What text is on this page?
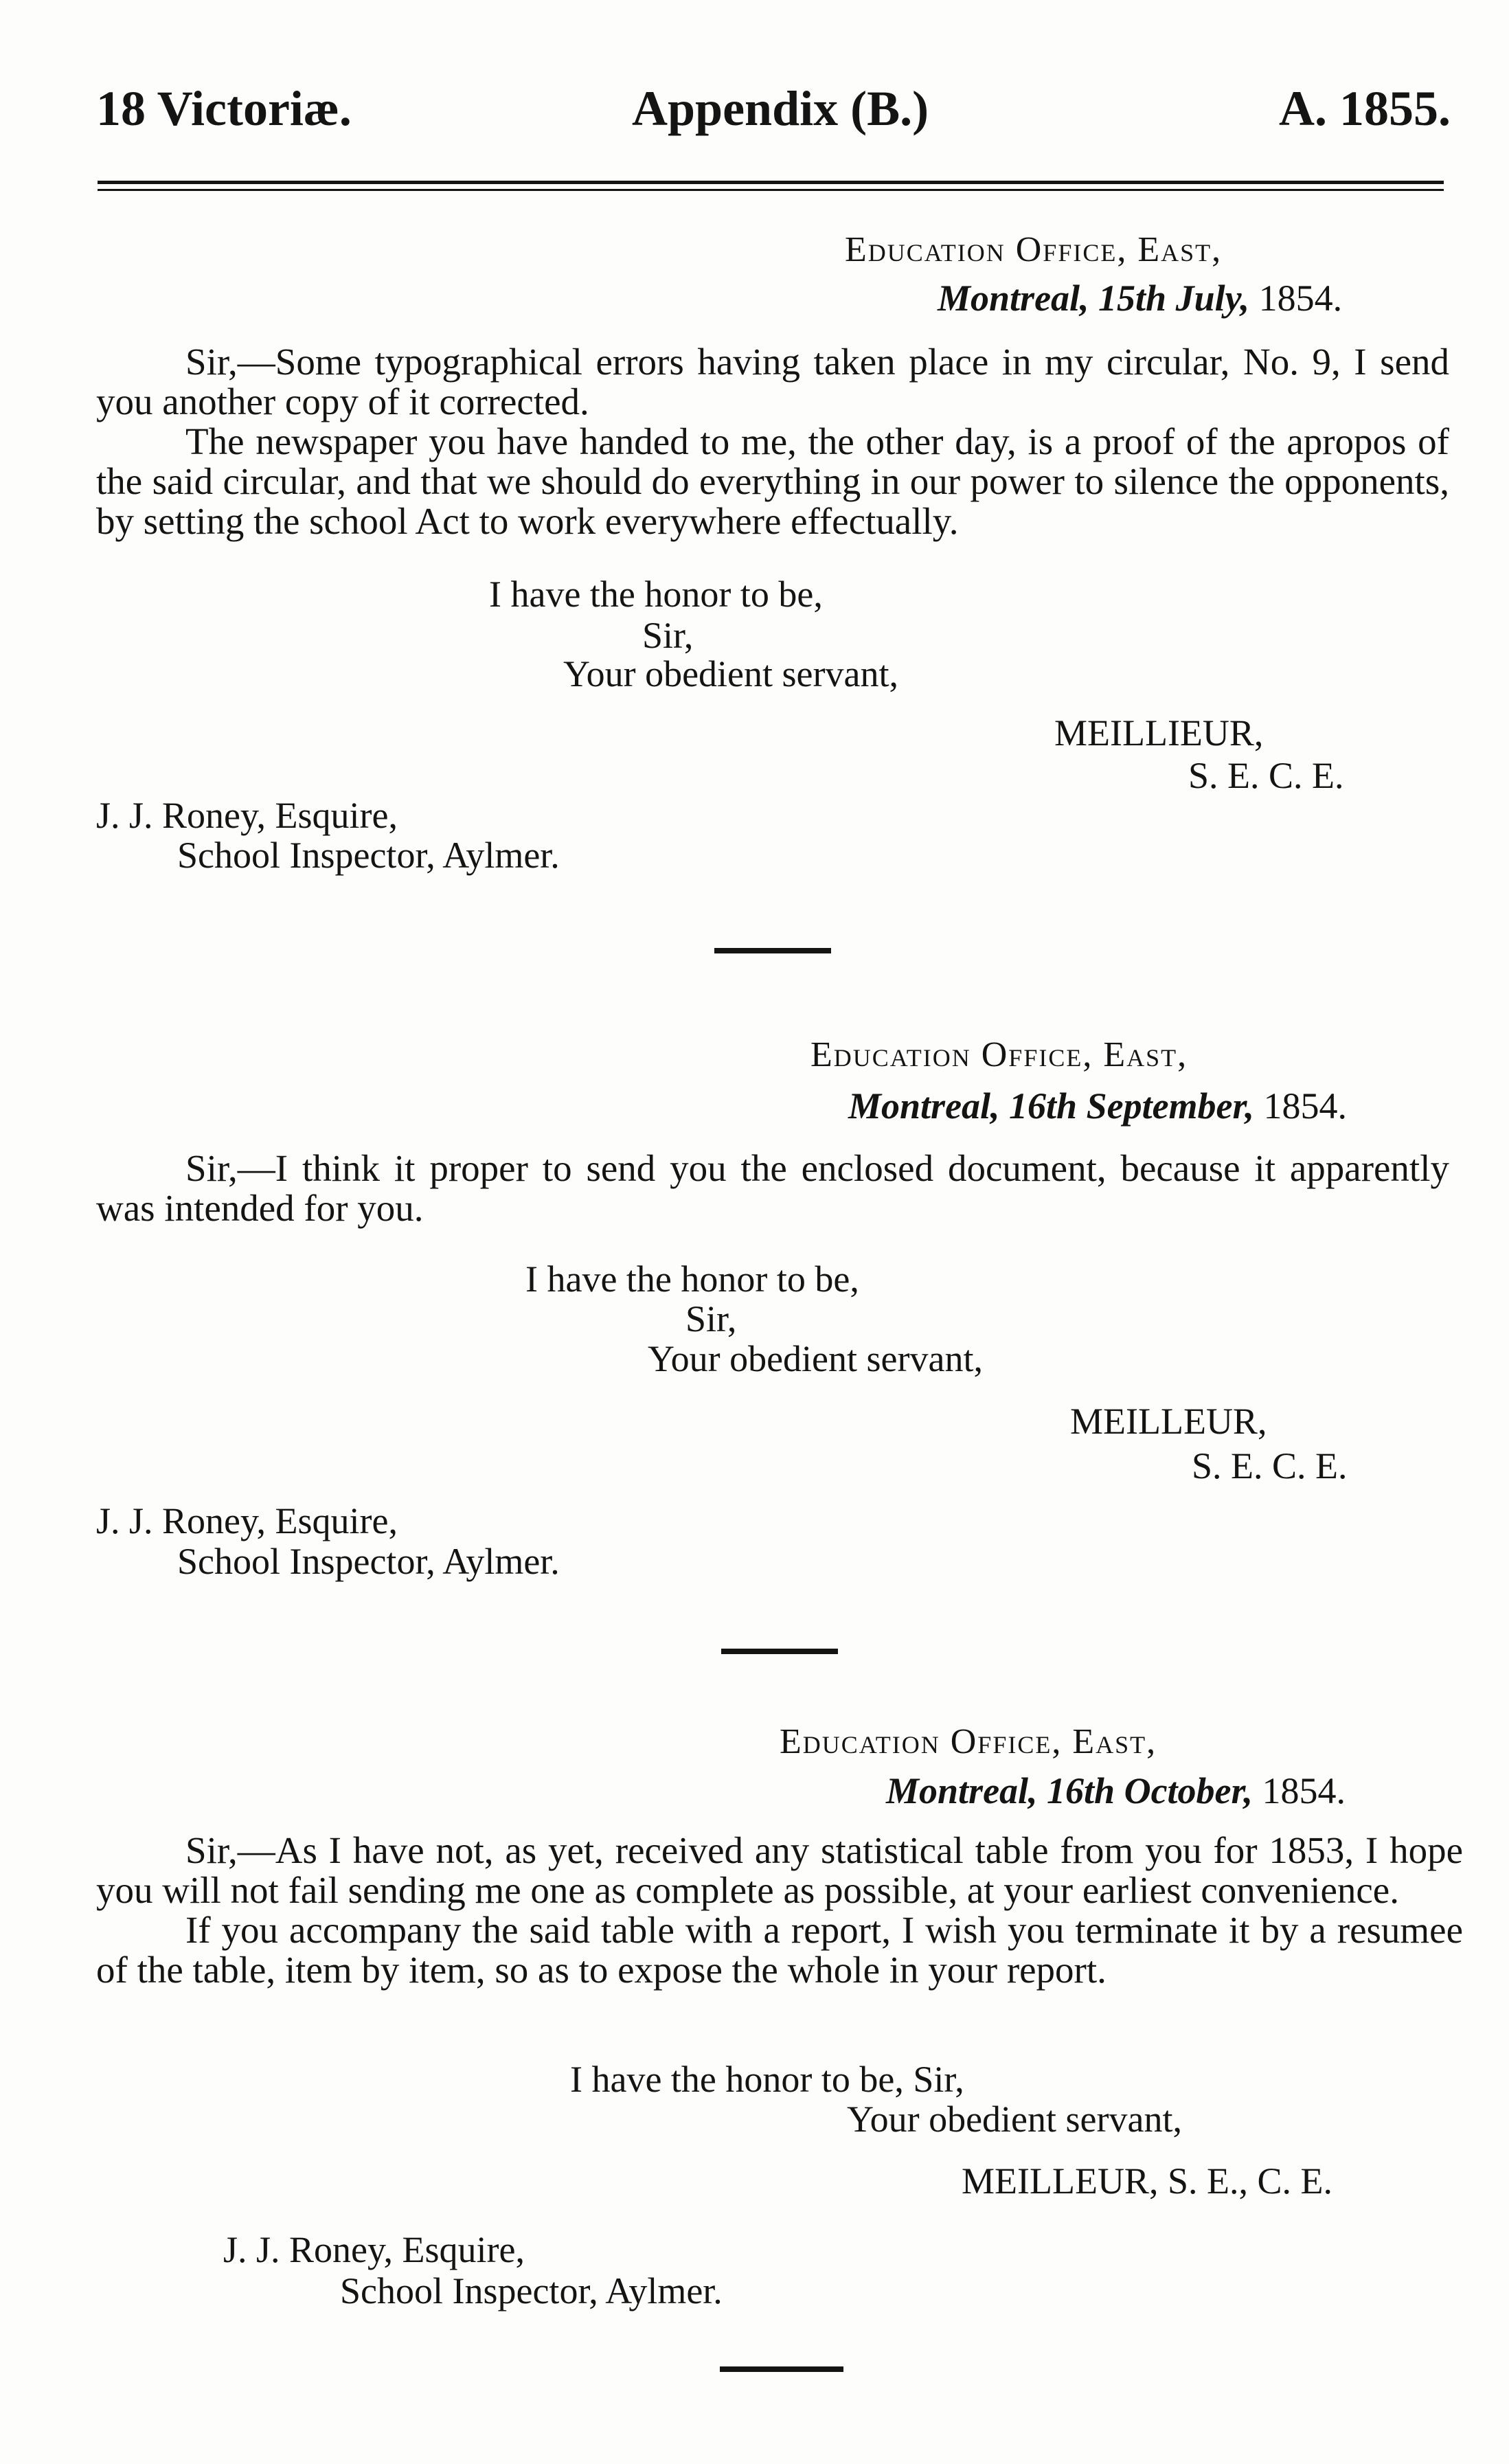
18 Victoriæ.	Appendix (B.)	A. 1855.
Education Office, East,
Montreal, 15th July, 1854.

Sir,—Some typographical errors having taken place in my circular, No. 9, I send you another copy of it corrected.

The newspaper you have handed to me, the other day, is a proof of the apropos of the said circular, and that we should do everything in our power to silence the opponents, by setting the school Act to work everywhere effectually.

I have the honor to be,
Sir,
Your obedient servant,
MEILLIEUR,
S. E. C. E.
J. J. Roney, Esquire,
School Inspector, Aylmer.
Education Office, East,
Montreal, 16th September, 1854.

Sir,—I think it proper to send you the enclosed document, because it apparently was intended for you.

I have the honor to be,
Sir,
Your obedient servant,
MEILLEUR,
S. E. C. E.
J. J. Roney, Esquire,
School Inspector, Aylmer.
Education Office, East,
Montreal, 16th October, 1854.

Sir,—As I have not, as yet, received any statistical table from you for 1853, I hope you will not fail sending me one as complete as possible, at your earliest convenience.

If you accompany the said table with a report, I wish you terminate it by a resumee of the table, item by item, so as to expose the whole in your report.

I have the honor to be, Sir,
Your obedient servant,
MEILLEUR, S. E., C. E.
J. J. Roney, Esquire,
School Inspector, Aylmer.
